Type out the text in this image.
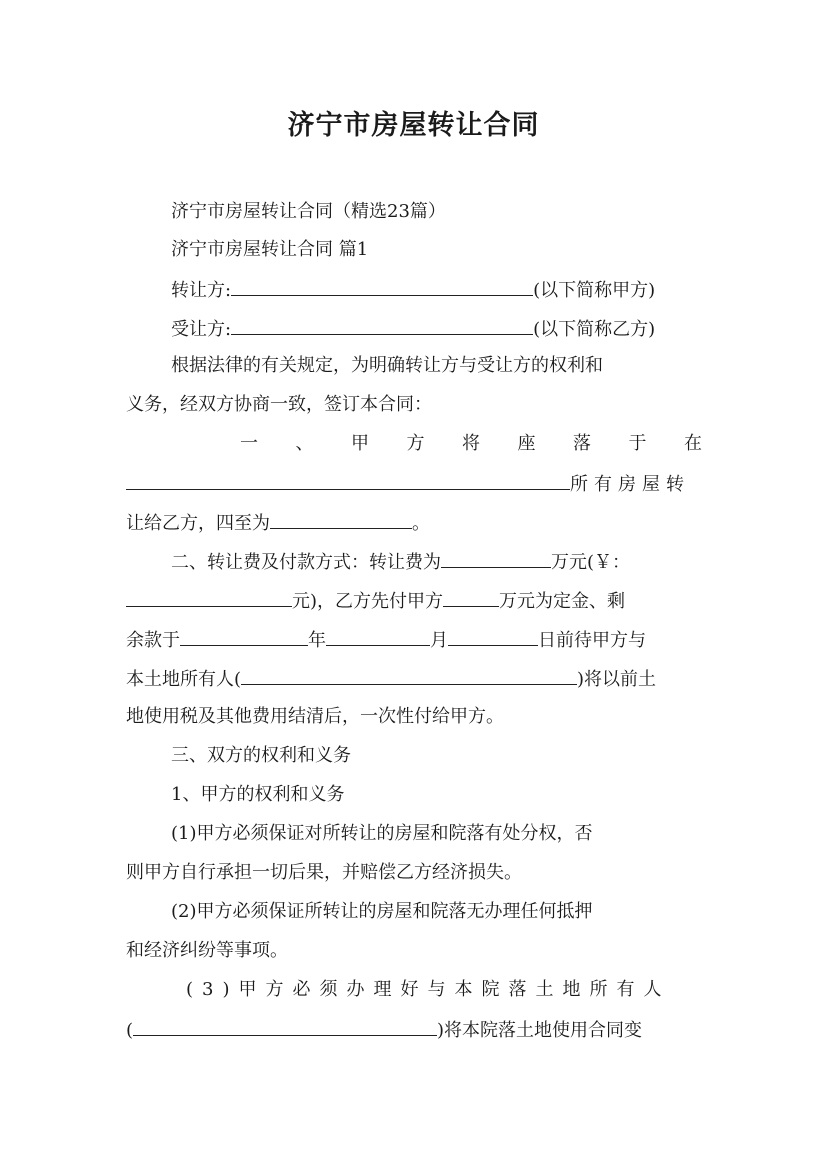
济宁市房屋转让合同
济宁市房屋转让合同（精选23篇）
济宁市房屋转让合同 篇1
转让方:	(以下简称甲方)
受让方:	(以下简称乙方)
根据法律的有关规定，为明确转让方与受让方的权利和
义务，经双方协商一致，签订本合同：
一 、 甲 方 将 座 落 于 在
所有房屋转
让给乙方，四至为	。
二、转让费及付款方式：转让费为	万元(￥：
元)，乙方先付甲方	万元为定金、剩
余款于	年	月	日前待甲方与
本土地所有人(	)将以前土
地使用税及其他费用结清后，一次性付给甲方。
三、双方的权利和义务
1、甲方的权利和义务
(1)甲方必须保证对所转让的房屋和院落有处分权，否
则甲方自行承担一切后果，并赔偿乙方经济损失。
(2)甲方必须保证所转让的房屋和院落无办理任何抵押
和经济纠纷等事项。
(3)甲方必须办理好与本院落土地所有人
(	)将本院落土地使用合同变
